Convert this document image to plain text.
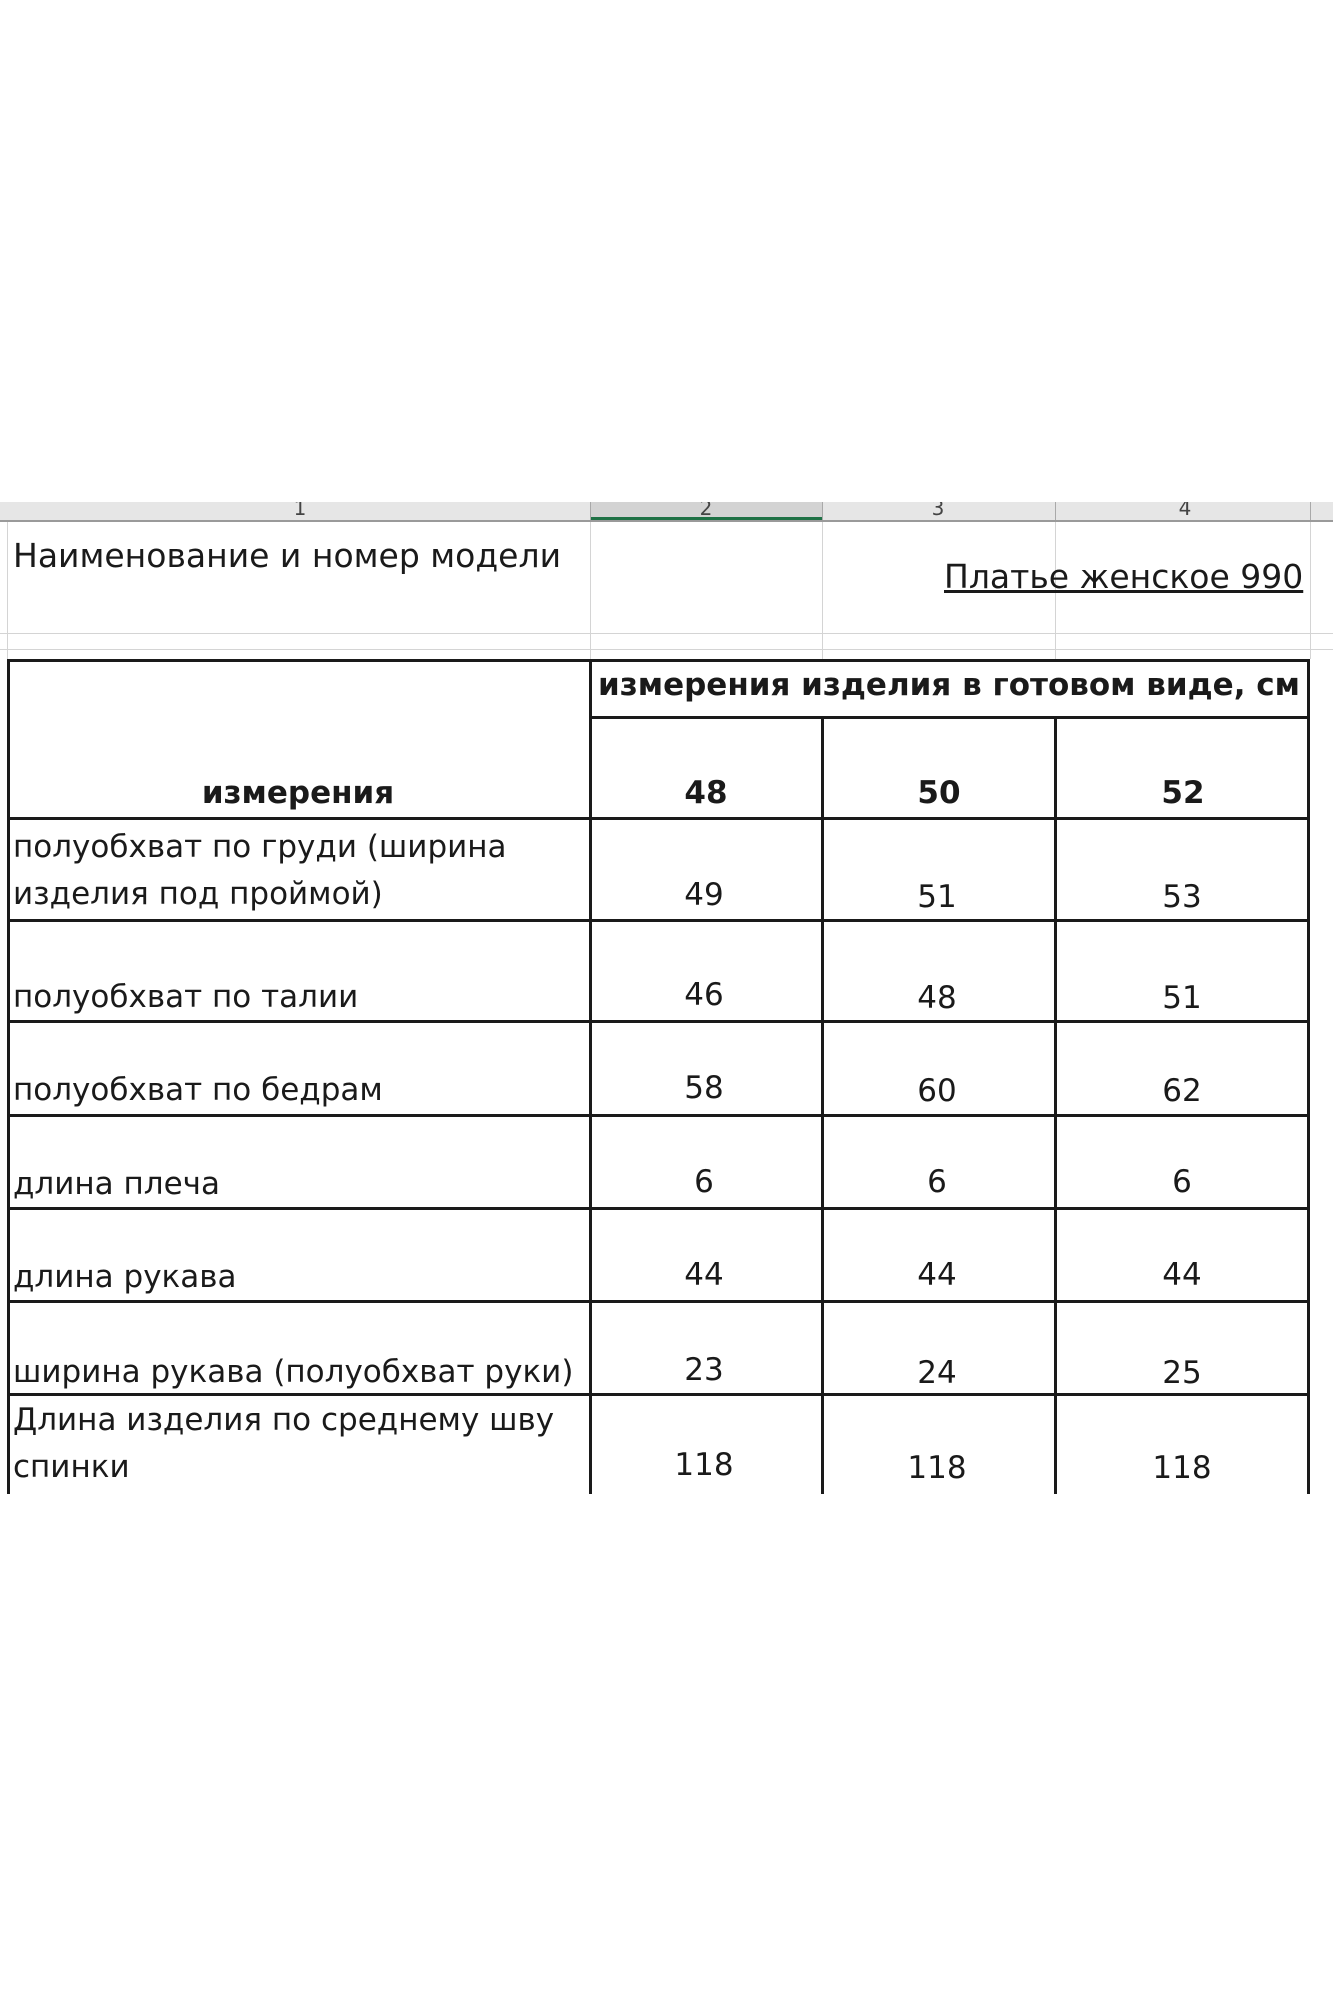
1	2	3	4
Наименование и номер модели
Платье женское 990
измерения изделия в готовом виде, см
измерения	48	50	52
полуобхват по груди (ширина изделия под проймой)	49	51	53
полуобхват по талии	46	48	51
полуобхват по бедрам	58	60	62
длина плеча	6	6	6
длина рукава	44	44	44
ширина рукава (полуобхват руки)	23	24	25
Длина изделия по среднему шву спинки	118	118	118
